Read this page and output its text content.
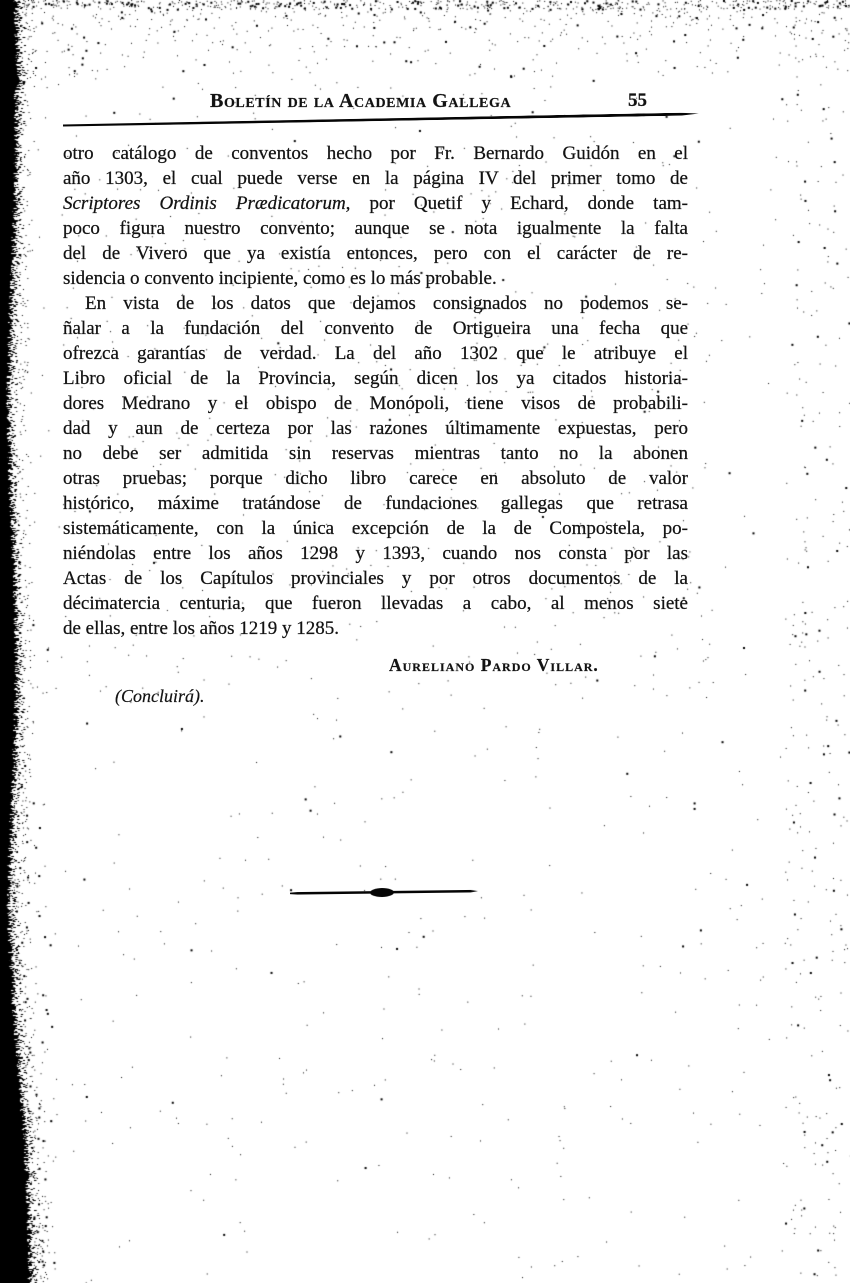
Boletín de la Academia Gallega	55
otro catálogo de conventos hecho por Fr. Bernardo Guidón en el
año 1303, el cual puede verse en la página IV del primer tomo de
Scriptores Ordinis Prædicatorum, por Quetif y Echard, donde tam-
poco figura nuestro convento; aunque se nota igualmente la falta
del de Vivero que ya existía entonces, pero con el carácter de re-
sidencia o convento incipiente, como es lo más probable.
En vista de los datos que dejamos consignados no podemos se-
ñalar a la fundación del convento de Ortigueira una fecha que
ofrezca garantías de verdad. La del año 1302 que le atribuye el
Libro oficial de la Provincia, según dicen los ya citados historia-
dores Medrano y el obispo de Monópoli, tiene visos de probabili-
dad y aun de certeza por las razones últimamente expuestas, pero
no debe ser admitida sin reservas mientras tanto no la abonen
otras pruebas; porque dicho libro carece en absoluto de valor
histórico, máxime tratándose de fundaciones gallegas que retrasa
sistemáticamente, con la única excepción de la de Compostela, po-
niéndolas entre los años 1298 y 1393, cuando nos consta por las
Actas de los Capítulos provinciales y por otros documentos de la
décimatercia centuria, que fueron llevadas a cabo, al menos siete
de ellas, entre los años 1219 y 1285.
Aureliano Pardo Villar.
(Concluirá).
